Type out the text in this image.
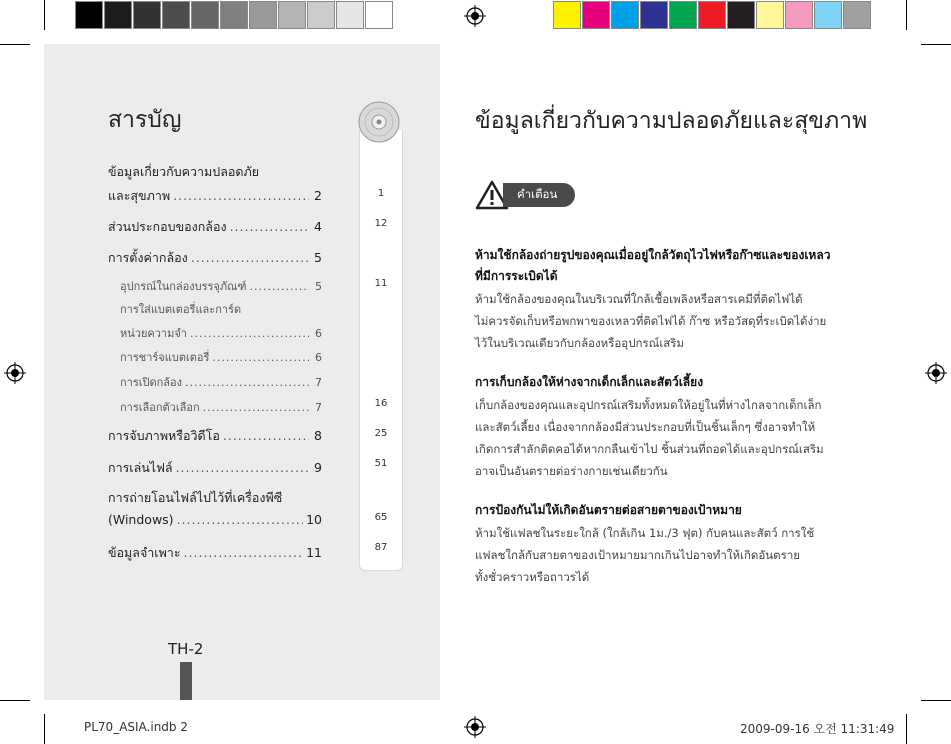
สารบัญ
1
12
11
16
25
51
65
87
ข้อมูลเกี่ยวกับความปลอดภัย
และสุขภาพ .....	2
ส่วนประกอบของกล้อง .....	4
การตั้งค่ากล้อง .....	5
อุปกรณ์ในกล่องบรรจุภัณฑ์ .....	5
การใส่แบตเตอรี่และการ์ด
หน่วยความจำ .....	6
การชาร์จแบตเตอรี่ .....	6
การเปิดกล้อง .....	7
การเลือกตัวเลือก .....	7
การจับภาพหรือวิดีโอ .....	8
การเล่นไฟล์ .....	9
การถ่ายโอนไฟล์ไปไว้ที่เครื่องพีซี
(Windows) .....	10
ข้อมูลจำเพาะ .....	11
TH-2
ข้อมูลเกี่ยวกับความปลอดภัยและสุขภาพ
คำเตือน
ห้ามใช้กล้องถ่ายรูปของคุณเมื่ออยู่ใกล้วัตถุไวไฟหรือก๊าซและของเหลว
ที่มีการระเบิดได้
ห้ามใช้กล้องของคุณในบริเวณที่ใกล้เชื้อเพลิงหรือสารเคมีที่ติดไฟได้
ไม่ควรจัดเก็บหรือพกพาของเหลวที่ติดไฟได้ ก๊าซ หรือวัสดุที่ระเบิดได้ง่าย
ไว้ในบริเวณเดียวกับกล้องหรืออุปกรณ์เสริม
การเก็บกล้องให้ห่างจากเด็กเล็กและสัตว์เลี้ยง
เก็บกล้องของคุณและอุปกรณ์เสริมทั้งหมดให้อยู่ในที่ห่างไกลจากเด็กเล็ก
และสัตว์เลี้ยง เนื่องจากกล้องมีส่วนประกอบที่เป็นชิ้นเล็กๆ ซึ่งอาจทำให้
เกิดการสำลักติดคอได้หากกลืนเข้าไป ชิ้นส่วนที่ถอดได้และอุปกรณ์เสริม
อาจเป็นอันตรายต่อร่างกายเช่นเดียวกัน
การป้องกันไม่ให้เกิดอันตรายต่อสายตาของเป้าหมาย
ห้ามใช้แฟลชในระยะใกล้ (ใกล้เกิน 1ม./3 ฟุต) กับคนและสัตว์ การใช้
แฟลชใกล้กับสายตาของเป้าหมายมากเกินไปอาจทำให้เกิดอันตราย
ทั้งชั่วคราวหรือถาวรได้
PL70_ASIA.indb 2	2009-09-16 오전 11:31:49
